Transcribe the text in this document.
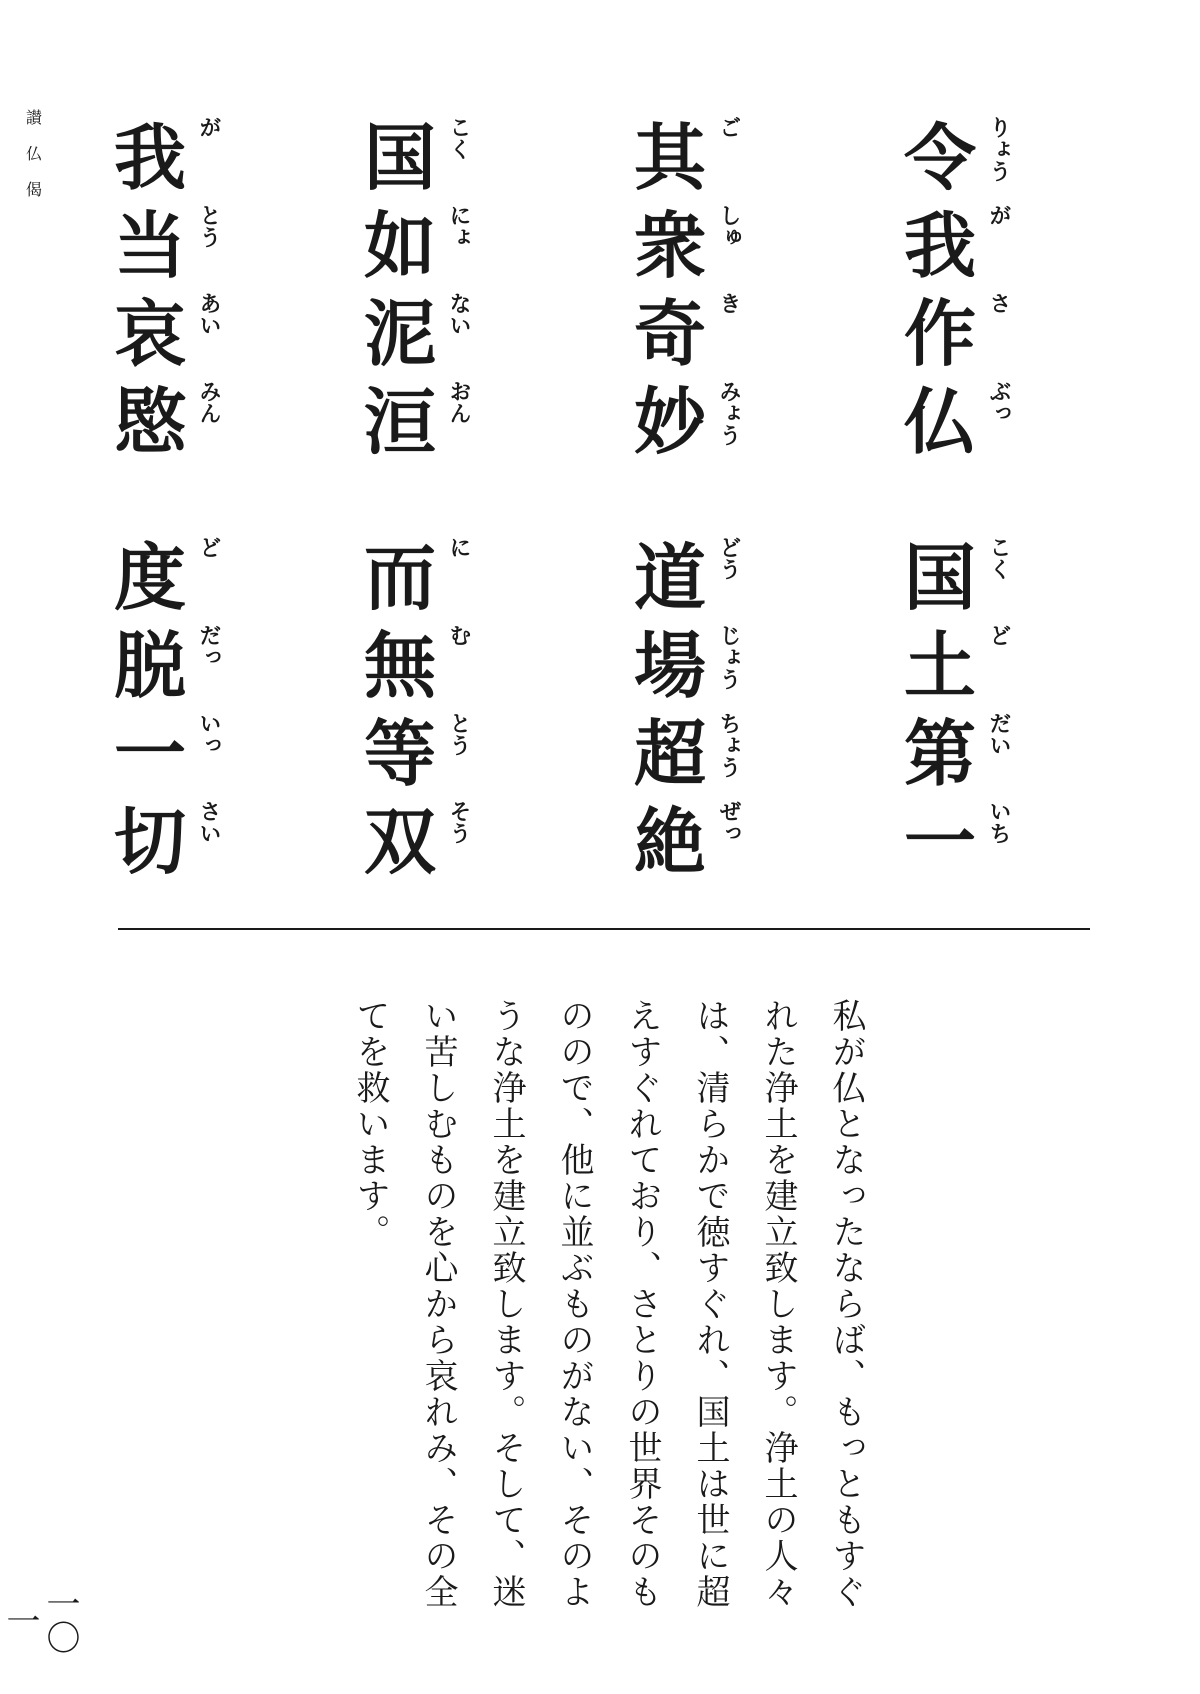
讃
仏
偈	令 りょう
我 が
作 さ
仏 ぶっ
国 こく
土 ど
第 だい
一 いち
其 ご
衆 しゅ
奇 き
妙 みょう
道 どう
場 じょう
超 ちょう
絶 ぜっ
国 こく
如 にょ
泥 ない
洹 おん
而 に
無 む
等 とう
双 そう
我 が
当 とう
哀 あい
愍 みん
度 ど
脱 だっ
一 いっ
切 さい
私が仏となったならば、もっともすぐれた浄土を建立致します。浄土の人々は、清らかで徳すぐれ、国土は世に超えすぐれており、さとりの世界そのものので、他に並ぶものがない、そのような浄土を建立致します。そして、迷い苦しむものを心から哀れみ、その全てを救います。
一〇一
